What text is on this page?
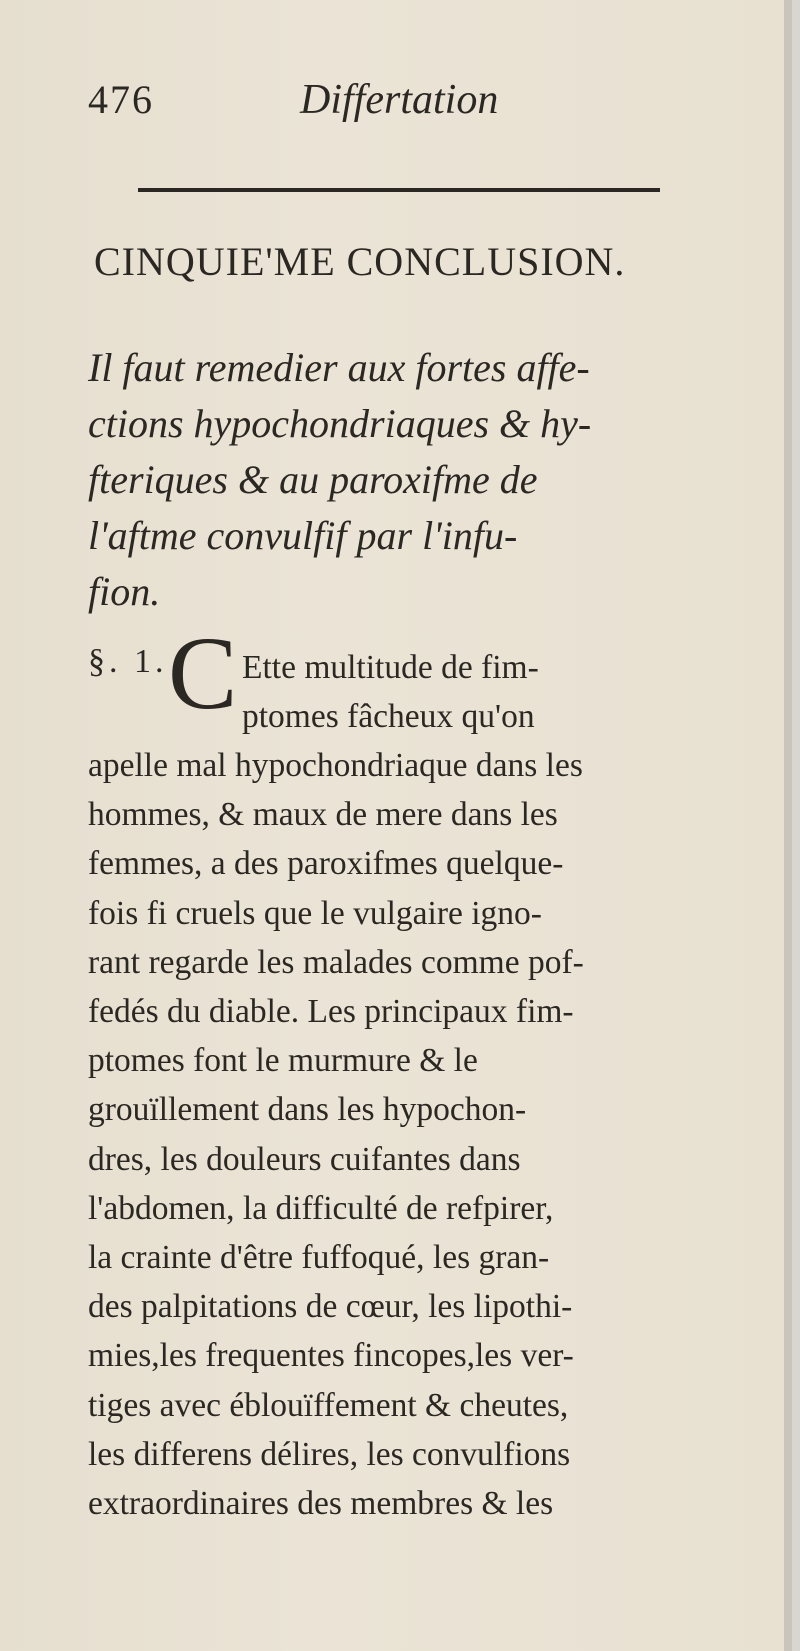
476	Differtation
CINQUIE'ME CONCLUSION.
Il faut remedier aux fortes affe-
ctions hypochondriaques & hy-
fteriques & au paroxifme de
l'aftme convulfif par l'infu-
fion.
§. 1. C Ette multitude de fim-
ptomes fâcheux qu'on
apelle mal hypochondriaque dans les
hommes, & maux de mere dans les
femmes, a des paroxifmes quelque-
fois fi cruels que le vulgaire igno-
rant regarde les malades comme pof-
fedés du diable. Les principaux fim-
ptomes font le murmure & le
grouïllement dans les hypochon-
dres, les douleurs cuifantes dans
l'abdomen, la difficulté de refpirer,
la crainte d'être fuffoqué, les gran-
des palpitations de cœur, les lipothi-
mies,les frequentes fincopes,les ver-
tiges avec éblouïffement & cheutes,
les differens délires, les convulfions
extraordinaires des membres & les
